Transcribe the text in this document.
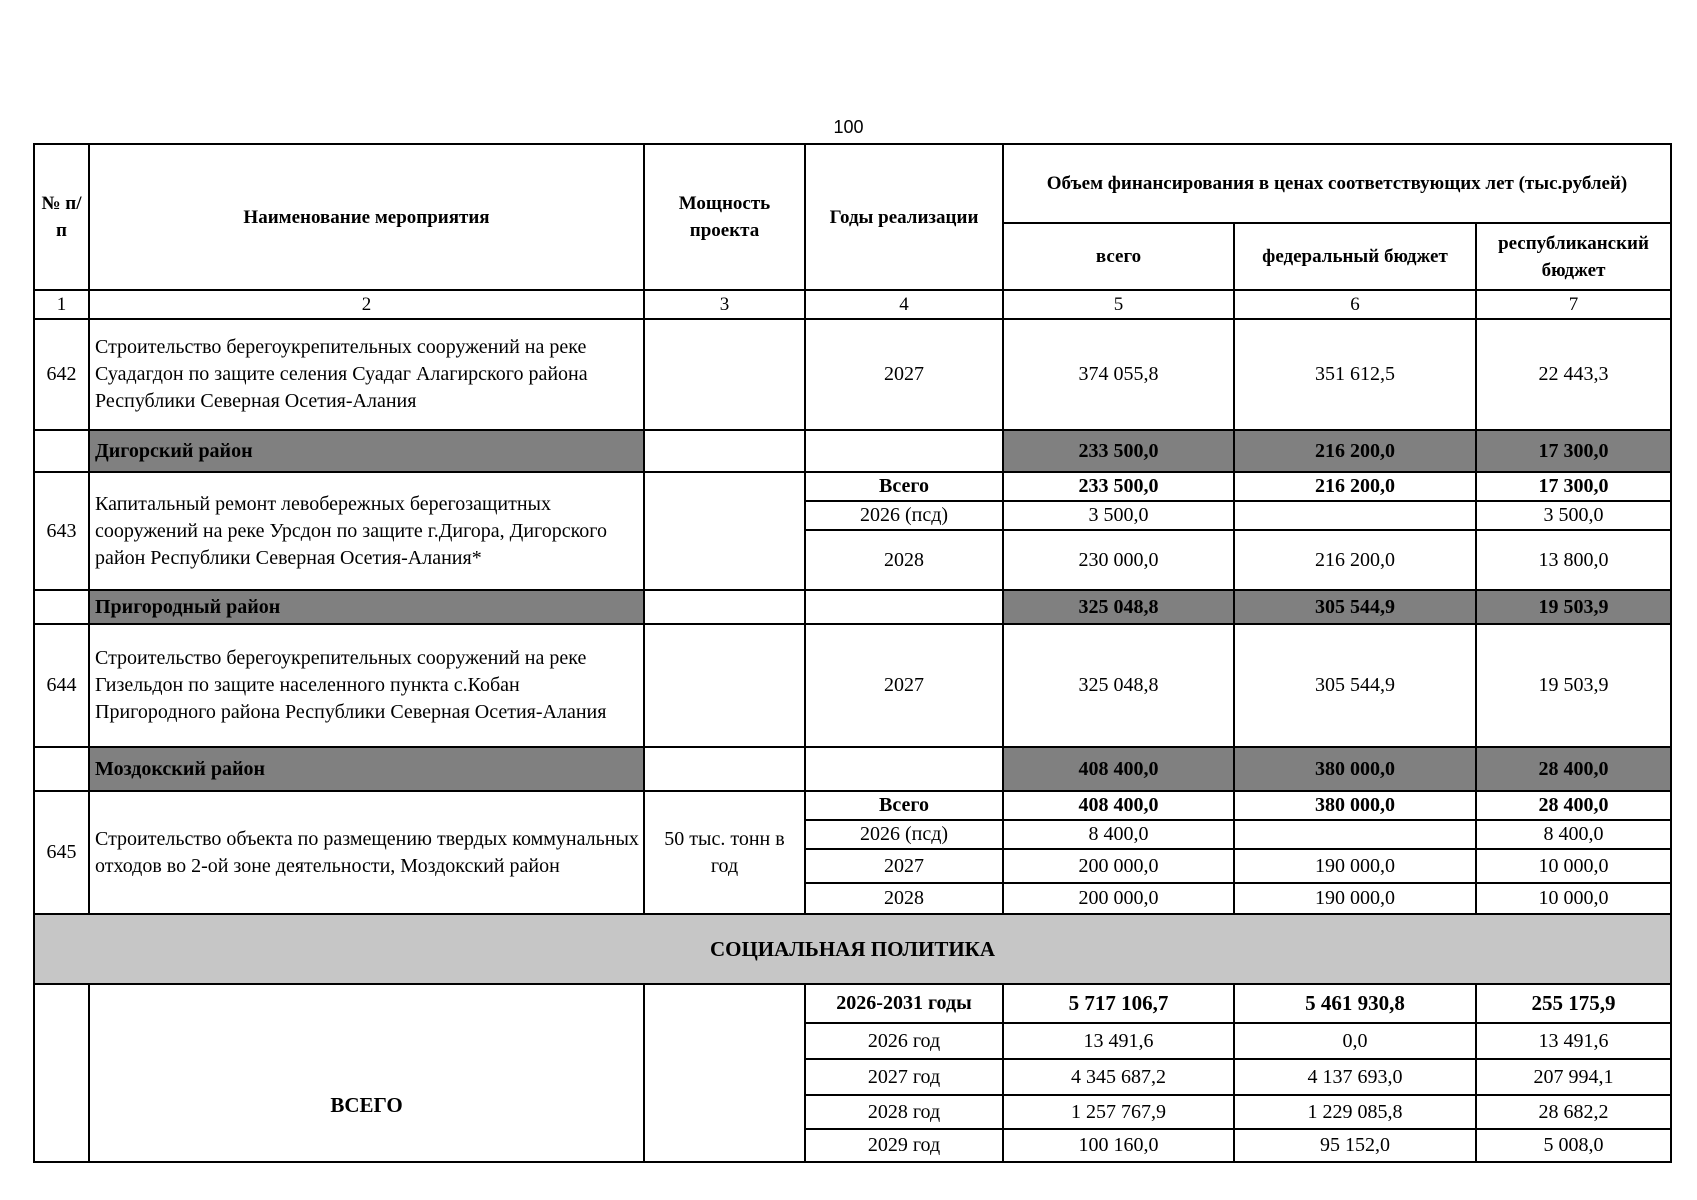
100
№ п/п	Наименование мероприятия	Мощность проекта	Годы реализации	Объем финансирования в ценах соответствующих лет (тыс.рублей)		
				всего	федеральный бюджет	республиканский бюджет
1	2	3	4	5	6	7
642	Строительство берегоукрепительных сооружений на реке Суадагдон по защите селения Суадаг Алагирского района Республики Северная Осетия-Алания		2027	374 055,8	351 612,5	22 443,3
	Дигорский район			233 500,0	216 200,0	17 300,0
643	Капитальный ремонт левобережных берегозащитных сооружений на реке Урсдон по защите г.Дигора, Дигорского район Республики Северная Осетия-Алания*		Всего	233 500,0	216 200,0	17 300,0
			2026 (псд)	3 500,0		3 500,0
			2028	230 000,0	216 200,0	13 800,0
	Пригородный район			325 048,8	305 544,9	19 503,9
644	Строительство берегоукрепительных сооружений на реке Гизельдон по защите населенного пункта с.Кобан Пригородного района Республики Северная Осетия-Алания		2027	325 048,8	305 544,9	19 503,9
	Моздокский район			408 400,0	380 000,0	28 400,0
645	Строительство объекта по размещению твердых коммунальных отходов во 2-ой зоне деятельности, Моздокский район	50 тыс. тонн в год	Всего	408 400,0	380 000,0	28 400,0
			2026 (псд)	8 400,0		8 400,0
			2027	200 000,0	190 000,0	10 000,0
			2028	200 000,0	190 000,0	10 000,0
СОЦИАЛЬНАЯ ПОЛИТИКА						
	ВСЕГО		2026-2031 годы	5 717 106,7	5 461 930,8	255 175,9
			2026 год	13 491,6	0,0	13 491,6
			2027 год	4 345 687,2	4 137 693,0	207 994,1
			2028 год	1 257 767,9	1 229 085,8	28 682,2
			2029 год	100 160,0	95 152,0	5 008,0
